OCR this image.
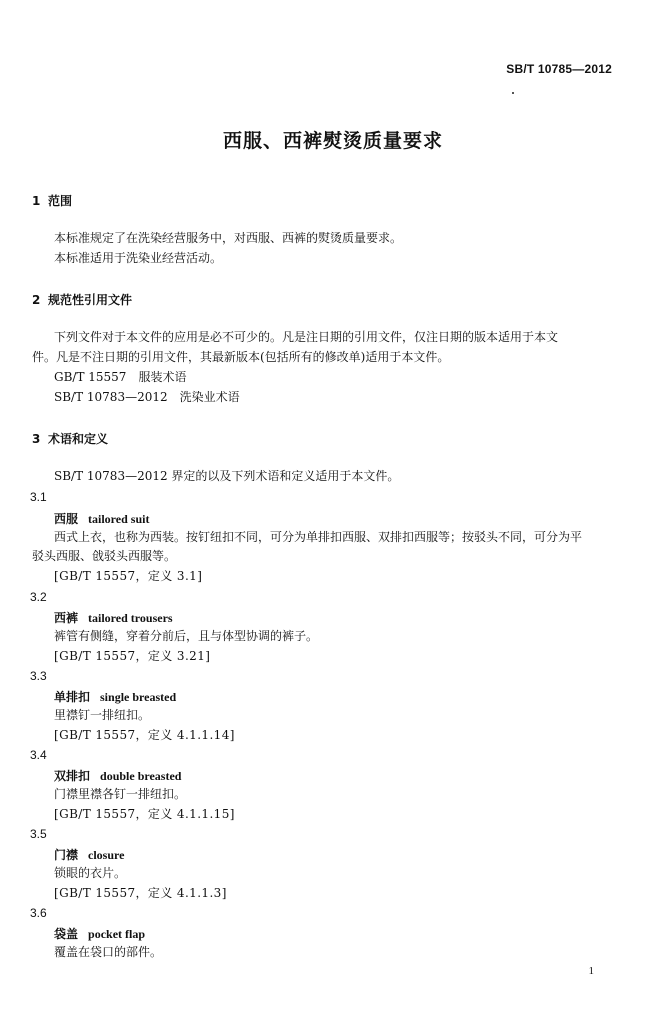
SB/T 10785—2012
西服、西裤熨烫质量要求
1 范围
本标准规定了在洗染经营服务中，对西服、西裤的熨烫质量要求。
本标准适用于洗染业经营活动。
2 规范性引用文件
下列文件对于本文件的应用是必不可少的。凡是注日期的引用文件，仅注日期的版本适用于本文
件。凡是不注日期的引用文件，其最新版本(包括所有的修改单)适用于本文件。
GB/T 15557　服装术语
SB/T 10783—2012　洗染业术语
3 术语和定义
SB/T 10783—2012 界定的以及下列术语和定义适用于本文件。
3.1
西服 tailored suit
西式上衣，也称为西装。按钉纽扣不同，可分为单排扣西服、双排扣西服等；按驳头不同，可分为平
驳头西服、戗驳头西服等。
[GB/T 15557，定义 3.1]
3.2
西裤 tailored trousers
裤管有侧缝，穿着分前后，且与体型协调的裤子。
[GB/T 15557，定义 3.21]
3.3
单排扣 single breasted
里襟钉一排纽扣。
[GB/T 15557，定义 4.1.1.14]
3.4
双排扣 double breasted
门襟里襟各钉一排纽扣。
[GB/T 15557，定义 4.1.1.15]
3.5
门襟 closure
锁眼的衣片。
[GB/T 15557，定义 4.1.1.3]
3.6
袋盖 pocket flap
覆盖在袋口的部件。
1
